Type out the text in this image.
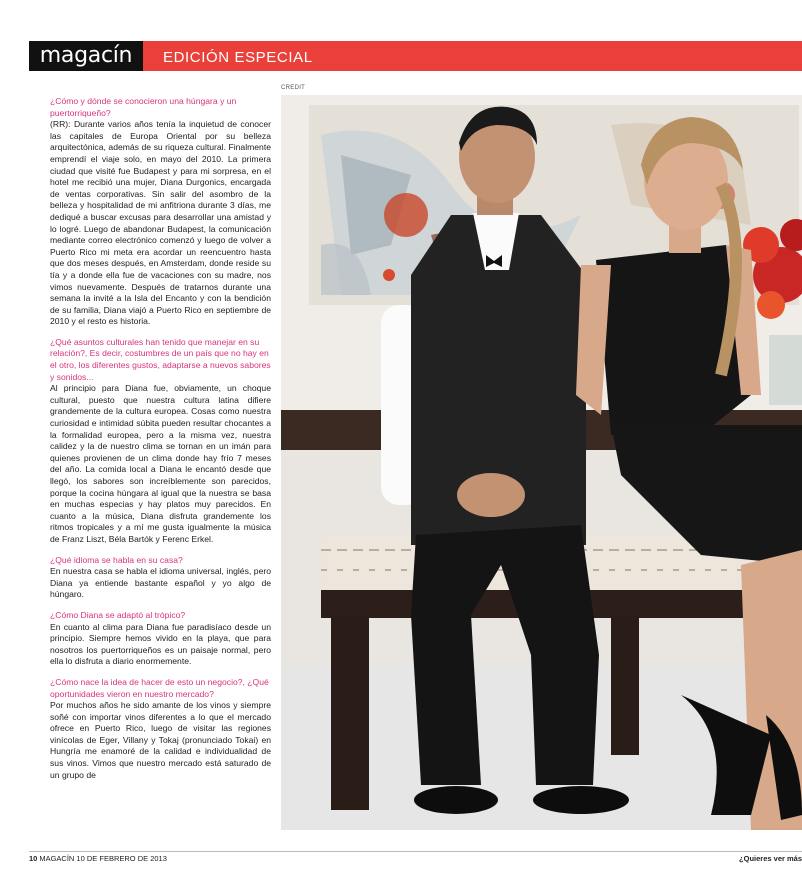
magacín	EDICIÓN ESPECIAL
CREDIT

¿Cómo y dónde se conocieron una húngara y un puertorriqueño?

(RR): Durante varios años tenía la inquietud de conocer las capitales de Europa Oriental por su belleza arquitectónica, además de su riqueza cultural. Finalmente emprendí el viaje solo, en mayo del 2010. La primera ciudad que visité fue Budapest y para mi sorpresa, en el hotel me recibió una mujer, Diana Durgonics, encargada de ventas corporativas. Sin salir del asombro de la belleza y hospitalidad de mi anfitriona durante 3 días, me dediqué a buscar excusas para desarrollar una amistad y lo logré. Luego de abandonar Budapest, la comunicación mediante correo electrónico comenzó y luego de volver a Puerto Rico mi meta era acordar un reencuentro hasta que dos meses después, en Amsterdam, donde reside su tía y a donde ella fue de vacaciones con su madre, nos vimos nuevamente. Después de tratarnos durante una semana la invité a la Isla del Encanto y con la bendición de su familia, Diana viajó a Puerto Rico en septiembre de 2010 y el resto es historia.

¿Qué asuntos culturales han tenido que manejar en su relación?, Es decir, costumbres de un país que no hay en el otro, los diferentes gustos, adaptarse a nuevos sabores y sonidos...

Al principio para Diana fue, obviamente, un choque cultural, puesto que nuestra cultura latina difiere grandemente de la cultura europea. Cosas como nuestra curiosidad e intimidad súbita pueden resultar chocantes a la formalidad europea, pero a la misma vez, nuestra calidez y la de nuestro clima se tornan en un imán para quienes provienen de un clima donde hay frío 7 meses del año. La comida local a Diana le encantó desde que llegó, los sabores son increíblemente son parecidos, porque la cocina húngara al igual que la nuestra se basa en muchas especias y hay platos muy parecidos. En cuanto a la música, Diana disfruta grandemente los ritmos tropicales y a mí me gusta igualmente la música de Franz Liszt, Béla Bartók y Ferenc Erkel.

¿Qué idioma se habla en su casa?

En nuestra casa se habla el idioma universal, inglés, pero Diana ya entiende bastante español y yo algo de húngaro.

¿Cómo Diana se adaptó al trópico?

En cuanto al clima para Diana fue paradisíaco desde un principio. Siempre hemos vivido en la playa, que para nosotros los puertorriqueños es un paisaje normal, pero ella lo disfruta a diario enormemente.

¿Cómo nace la idea de hacer de esto un negocio?, ¿Qué oportunidades vieron en nuestro mercado?

Por muchos años he sido amante de los vinos y siempre soñé con importar vinos diferentes a lo que el mercado ofrece en Puerto Rico, luego de visitar las regiones vinícolas de Eger, Villany y Tokaj (pronunciado Tokai) en Hungría me enamoré de la calidad e individualidad de sus vinos. Vimos que nuestro mercado está saturado de un grupo de

10 MAGACÍN 10 DE FEBRERO DE 2013	¿Quieres ver más
